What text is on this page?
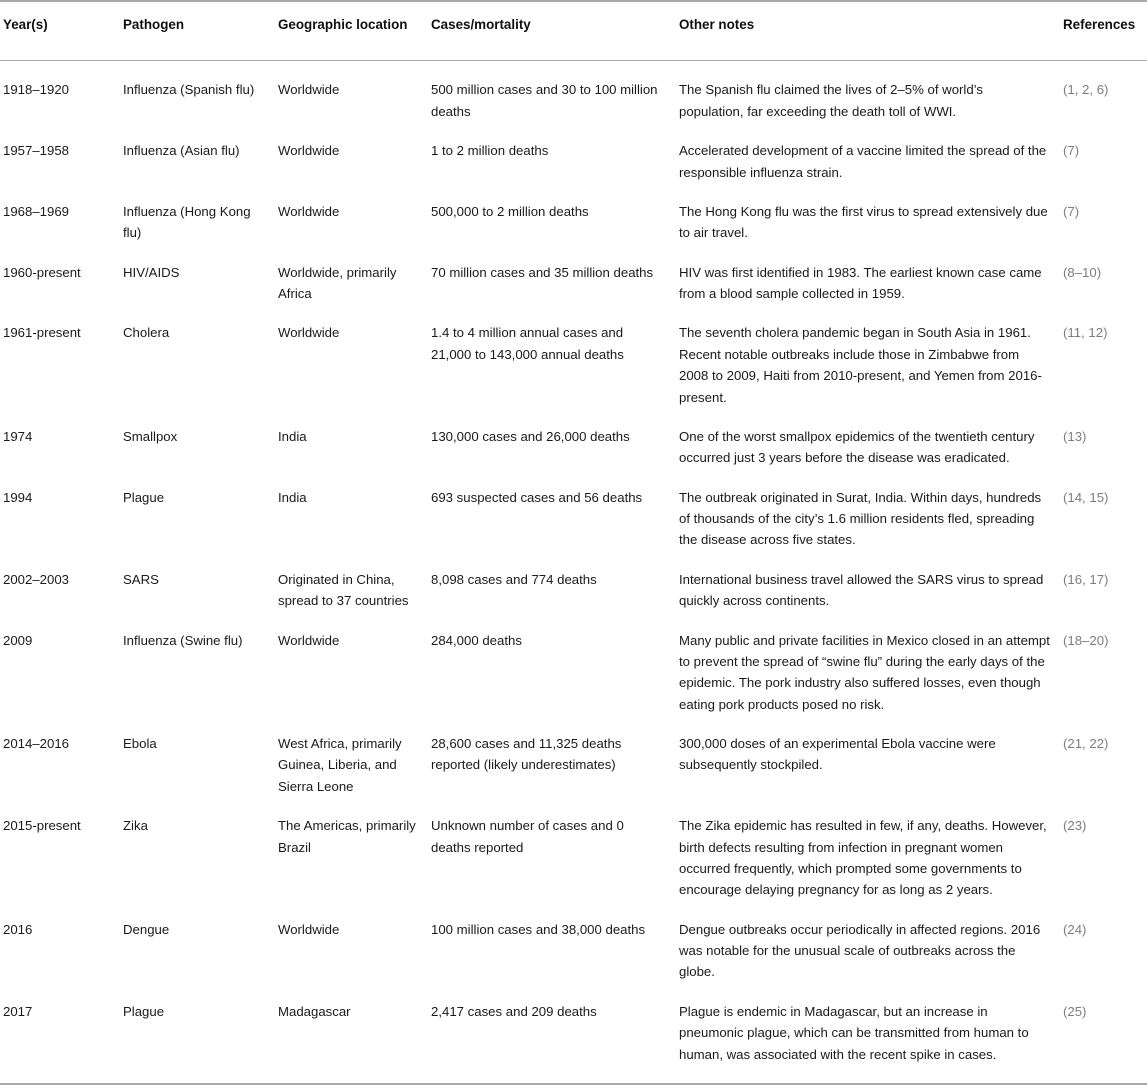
Year(s)	Pathogen	Geographic location	Cases/mortality	Other notes	References
1918–1920	Influenza (Spanish flu)	Worldwide	500 million cases and 30 to 100 million deaths	The Spanish flu claimed the lives of 2–5% of world’s population, far exceeding the death toll of WWI.	(1, 2, 6)
1957–1958	Influenza (Asian flu)	Worldwide	1 to 2 million deaths	Accelerated development of a vaccine limited the spread of the responsible influenza strain.	(7)
1968–1969	Influenza (Hong Kong flu)	Worldwide	500,000 to 2 million deaths	The Hong Kong flu was the first virus to spread extensively due to air travel.	(7)
1960-present	HIV/AIDS	Worldwide, primarily Africa	70 million cases and 35 million deaths	HIV was first identified in 1983. The earliest known case came from a blood sample collected in 1959.	(8–10)
1961-present	Cholera	Worldwide	1.4 to 4 million annual cases and 21,000 to 143,000 annual deaths	The seventh cholera pandemic began in South Asia in 1961. Recent notable outbreaks include those in Zimbabwe from 2008 to 2009, Haiti from 2010-present, and Yemen from 2016-present.	(11, 12)
1974	Smallpox	India	130,000 cases and 26,000 deaths	One of the worst smallpox epidemics of the twentieth century occurred just 3 years before the disease was eradicated.	(13)
1994	Plague	India	693 suspected cases and 56 deaths	The outbreak originated in Surat, India. Within days, hundreds of thousands of the city’s 1.6 million residents fled, spreading the disease across five states.	(14, 15)
2002–2003	SARS	Originated in China, spread to 37 countries	8,098 cases and 774 deaths	International business travel allowed the SARS virus to spread quickly across continents.	(16, 17)
2009	Influenza (Swine flu)	Worldwide	284,000 deaths	Many public and private facilities in Mexico closed in an attempt to prevent the spread of “swine flu” during the early days of the epidemic. The pork industry also suffered losses, even though eating pork products posed no risk.	(18–20)
2014–2016	Ebola	West Africa, primarily Guinea, Liberia, and Sierra Leone	28,600 cases and 11,325 deaths reported (likely underestimates)	300,000 doses of an experimental Ebola vaccine were subsequently stockpiled.	(21, 22)
2015-present	Zika	The Americas, primarily Brazil	Unknown number of cases and 0 deaths reported	The Zika epidemic has resulted in few, if any, deaths. However, birth defects resulting from infection in pregnant women occurred frequently, which prompted some governments to encourage delaying pregnancy for as long as 2 years.	(23)
2016	Dengue	Worldwide	100 million cases and 38,000 deaths	Dengue outbreaks occur periodically in affected regions. 2016 was notable for the unusual scale of outbreaks across the globe.	(24)
2017	Plague	Madagascar	2,417 cases and 209 deaths	Plague is endemic in Madagascar, but an increase in pneumonic plague, which can be transmitted from human to human, was associated with the recent spike in cases.	(25)
